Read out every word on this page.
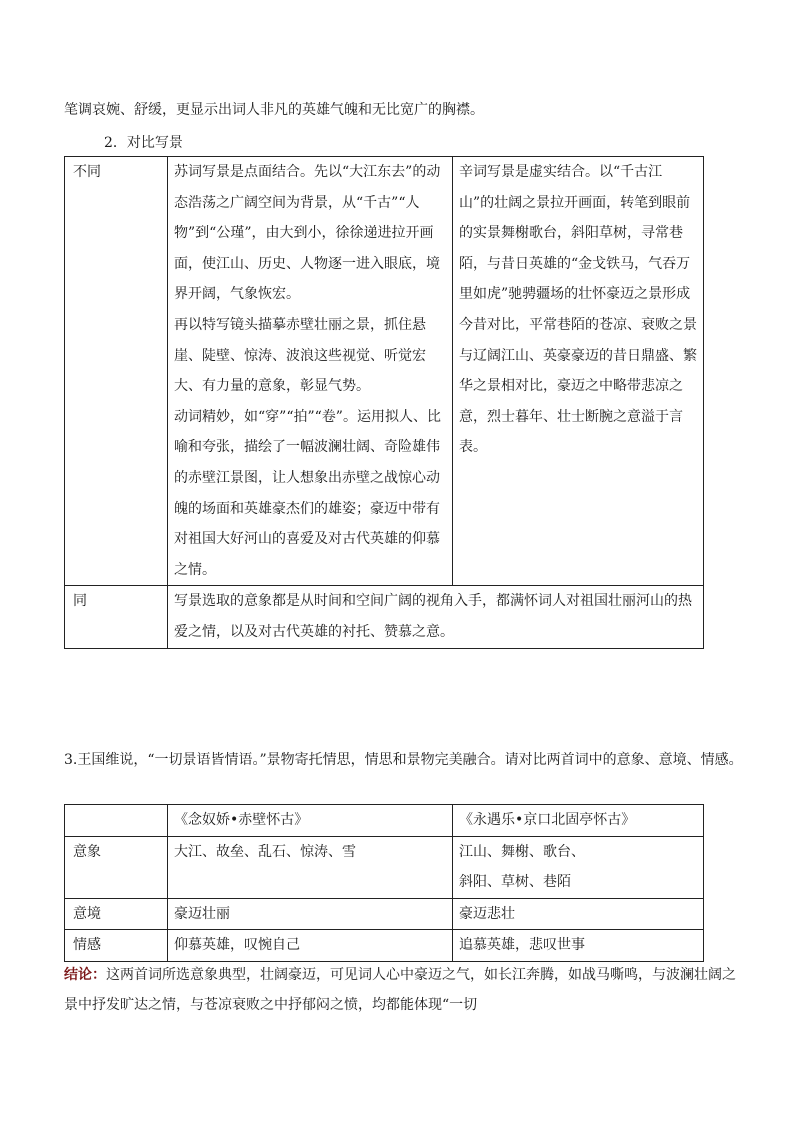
笔调哀婉、舒缓，更显示出词人非凡的英雄气魄和无比宽广的胸襟。

2．对比写景

不同	苏词写景是点面结合。先以“大江东去”的动态浩荡之广阔空间为背景，从“千古”“人物”到“公瑾”，由大到小，徐徐递进拉开画面，使江山、历史、人物逐一进入眼底，境界开阔，气象恢宏。
再以特写镜头描摹赤壁壮丽之景，抓住悬崖、陡壁、惊涛、波浪这些视觉、听觉宏大、有力量的意象，彰显气势。
动词精妙，如“穿”“拍”“卷”。运用拟人、比喻和夸张，描绘了一幅波澜壮阔、奇险雄伟的赤壁江景图，让人想象出赤壁之战惊心动魄的场面和英雄豪杰们的雄姿；豪迈中带有对祖国大好河山的喜爱及对古代英雄的仰慕之情。	辛词写景是虚实结合。以“千古江山”的壮阔之景拉开画面，转笔到眼前的实景舞榭歌台，斜阳草树，寻常巷陌，与昔日英雄的“金戈铁马，气吞万里如虎”驰骋疆场的壮怀豪迈之景形成今昔对比，平常巷陌的苍凉、衰败之景与辽阔江山、英豪豪迈的昔日鼎盛、繁华之景相对比，豪迈之中略带悲凉之意，烈士暮年、壮士断腕之意溢于言表。
同	写景选取的意象都是从时间和空间广阔的视角入手，都满怀词人对祖国壮丽河山的热爱之情，以及对古代英雄的衬托、赞慕之意。	

3.王国维说，“一切景语皆情语。”景物寄托情思，情思和景物完美融合。请对比两首词中的意象、意境、情感。

	《念奴娇•赤壁怀古》	《永遇乐•京口北固亭怀古》
意象	大江、故垒、乱石、惊涛、雪	江山、舞榭、歌台、
斜阳、草树、巷陌

意境	豪迈壮丽	豪迈悲壮
情感	仰慕英雄，叹惋自己	追慕英雄，悲叹世事

结论：这两首词所选意象典型，壮阔豪迈，可见词人心中豪迈之气，如长江奔腾，如战马嘶鸣，与波澜壮阔之景中抒发旷达之情，与苍凉衰败之中抒郁闷之愤，均都能体现“一切
